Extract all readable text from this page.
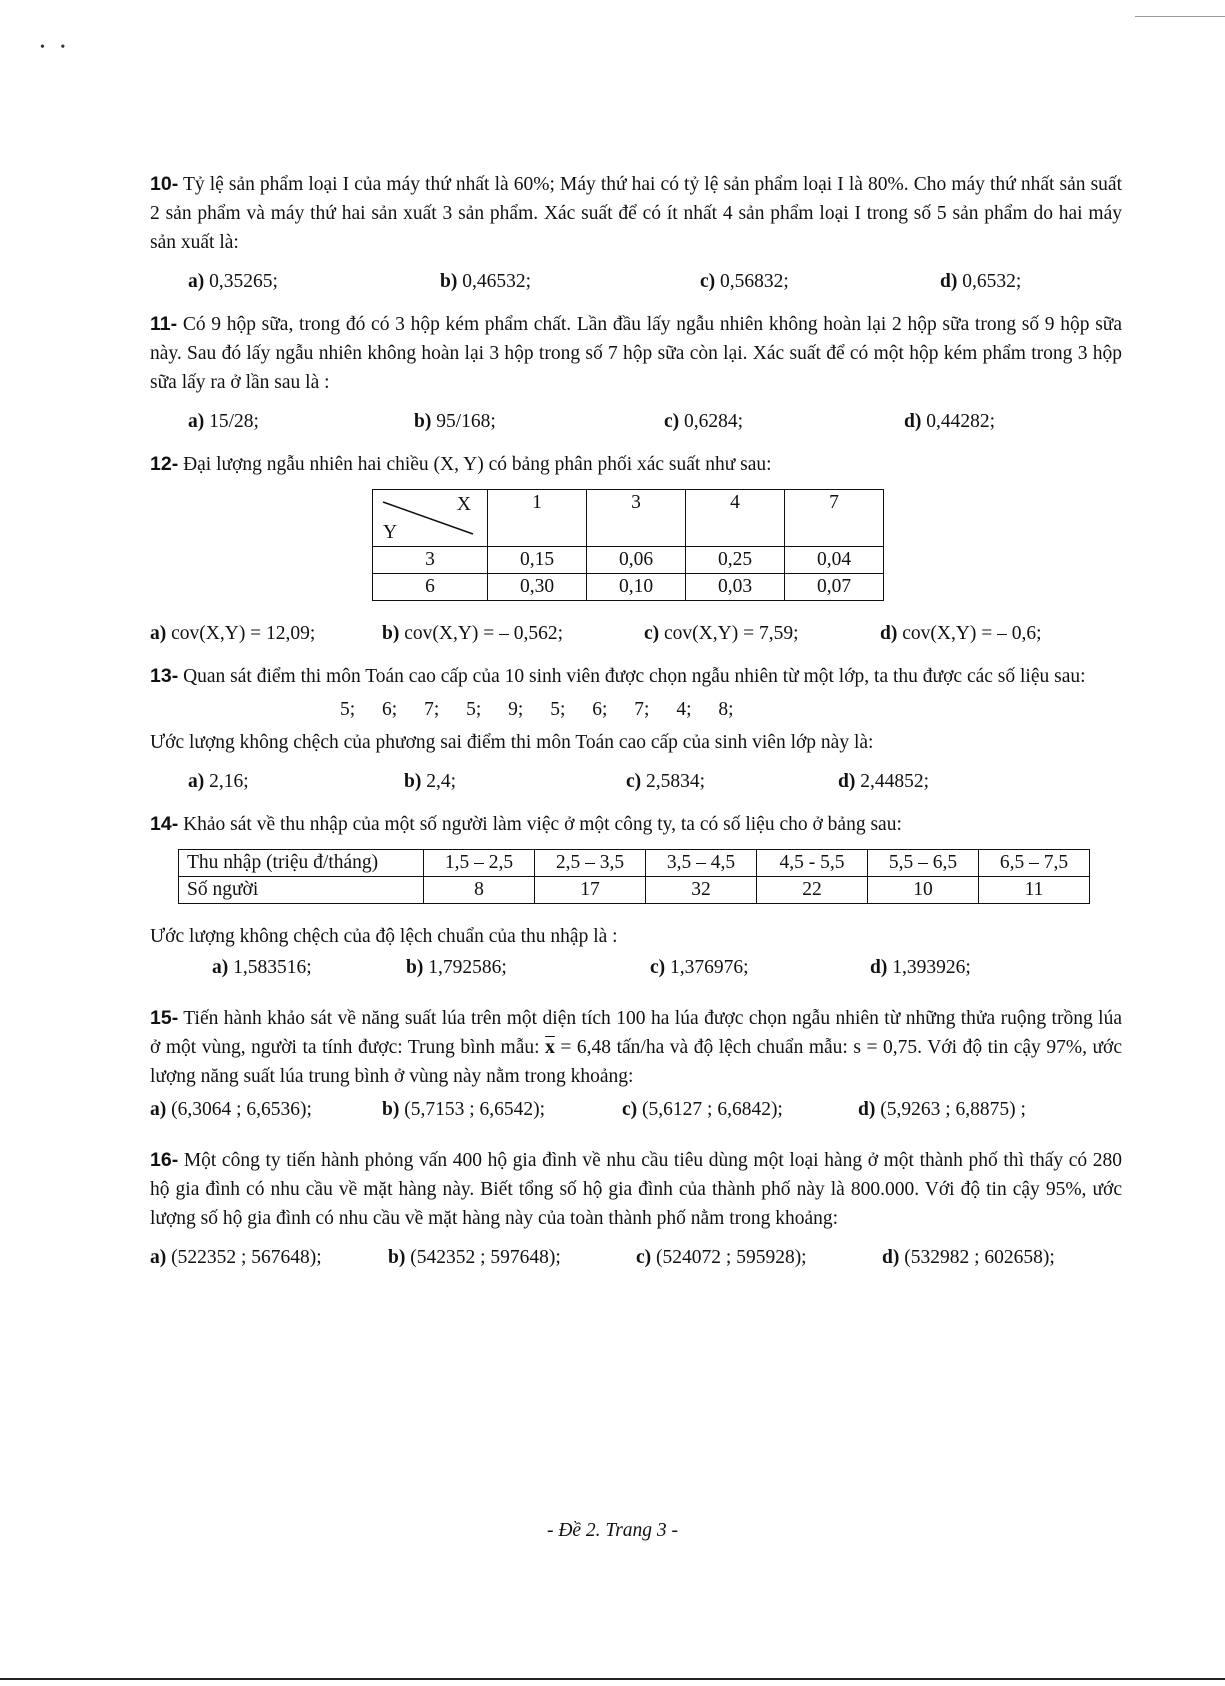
• •
10- Tỷ lệ sản phẩm loại I của máy thứ nhất là 60%; Máy thứ hai có tỷ lệ sản phẩm loại I là 80%. Cho máy thứ nhất sản suất 2 sản phẩm và máy thứ hai sản xuất 3 sản phẩm. Xác suất để có ít nhất 4 sản phẩm loại I trong số 5 sản phẩm do hai máy sản xuất là:
a) 0,35265;	b) 0,46532;	c) 0,56832;	d) 0,6532;
11- Có 9 hộp sữa, trong đó có 3 hộp kém phẩm chất. Lần đầu lấy ngẫu nhiên không hoàn lại 2 hộp sữa trong số 9 hộp sữa này. Sau đó lấy ngẫu nhiên không hoàn lại 3 hộp trong số 7 hộp sữa còn lại. Xác suất để có một hộp kém phẩm trong 3 hộp sữa lấy ra ở lần sau là :
a) 15/28;	b) 95/168;	c) 0,6284;	d) 0,44282;
12- Đại lượng ngẫu nhiên hai chiều (X, Y) có bảng phân phối xác suất như sau:
X
Y	1	3	4	7
3	0,15	0,06	0,25	0,04
6	0,30	0,10	0,03	0,07
a) cov(X,Y) = 12,09;	b) cov(X,Y) = – 0,562;	c) cov(X,Y) = 7,59;	d) cov(X,Y) = – 0,6;
13- Quan sát điểm thi môn Toán cao cấp của 10 sinh viên được chọn ngẫu nhiên từ một lớp, ta thu được các số liệu sau:
5; 6; 7; 5; 9; 5; 6; 7; 4; 8;
Ước lượng không chệch của phương sai điểm thi môn Toán cao cấp của sinh viên lớp này là:
a) 2,16;	b) 2,4;	c) 2,5834;	d) 2,44852;
14- Khảo sát về thu nhập của một số người làm việc ở một công ty, ta có số liệu cho ở bảng sau:
Thu nhập (triệu đ/tháng)	1,5 – 2,5	2,5 – 3,5	3,5 – 4,5	4,5 - 5,5	5,5 – 6,5	6,5 – 7,5
Số người	8	17	32	22	10	11
Ước lượng không chệch của độ lệch chuẩn của thu nhập là :
a) 1,583516;	b) 1,792586;	c) 1,376976;	d) 1,393926;
15- Tiến hành khảo sát về năng suất lúa trên một diện tích 100 ha lúa được chọn ngẫu nhiên từ những thửa ruộng trồng lúa ở một vùng, người ta tính được: Trung bình mẫu: $\overline{x} = 6,48$ tấn/ha và độ lệch chuẩn mẫu: s = 0,75. Với độ tin cậy 97%, ước lượng năng suất lúa trung bình ở vùng này nằm trong khoảng:
a) (6,3064 ; 6,6536);	b) (5,7153 ; 6,6542);	c) (5,6127 ; 6,6842);	d) (5,9263 ; 6,8875) ;
16- Một công ty tiến hành phỏng vấn 400 hộ gia đình về nhu cầu tiêu dùng một loại hàng ở một thành phố thì thấy có 280 hộ gia đình có nhu cầu về mặt hàng này. Biết tổng số hộ gia đình của thành phố này là 800.000. Với độ tin cậy 95%, ước lượng số hộ gia đình có nhu cầu về mặt hàng này của toàn thành phố nằm trong khoảng:
a) (522352 ; 567648);	b) (542352 ; 597648);	c) (524072 ; 595928);	d) (532982 ; 602658);
- Đề 2. Trang 3 -
